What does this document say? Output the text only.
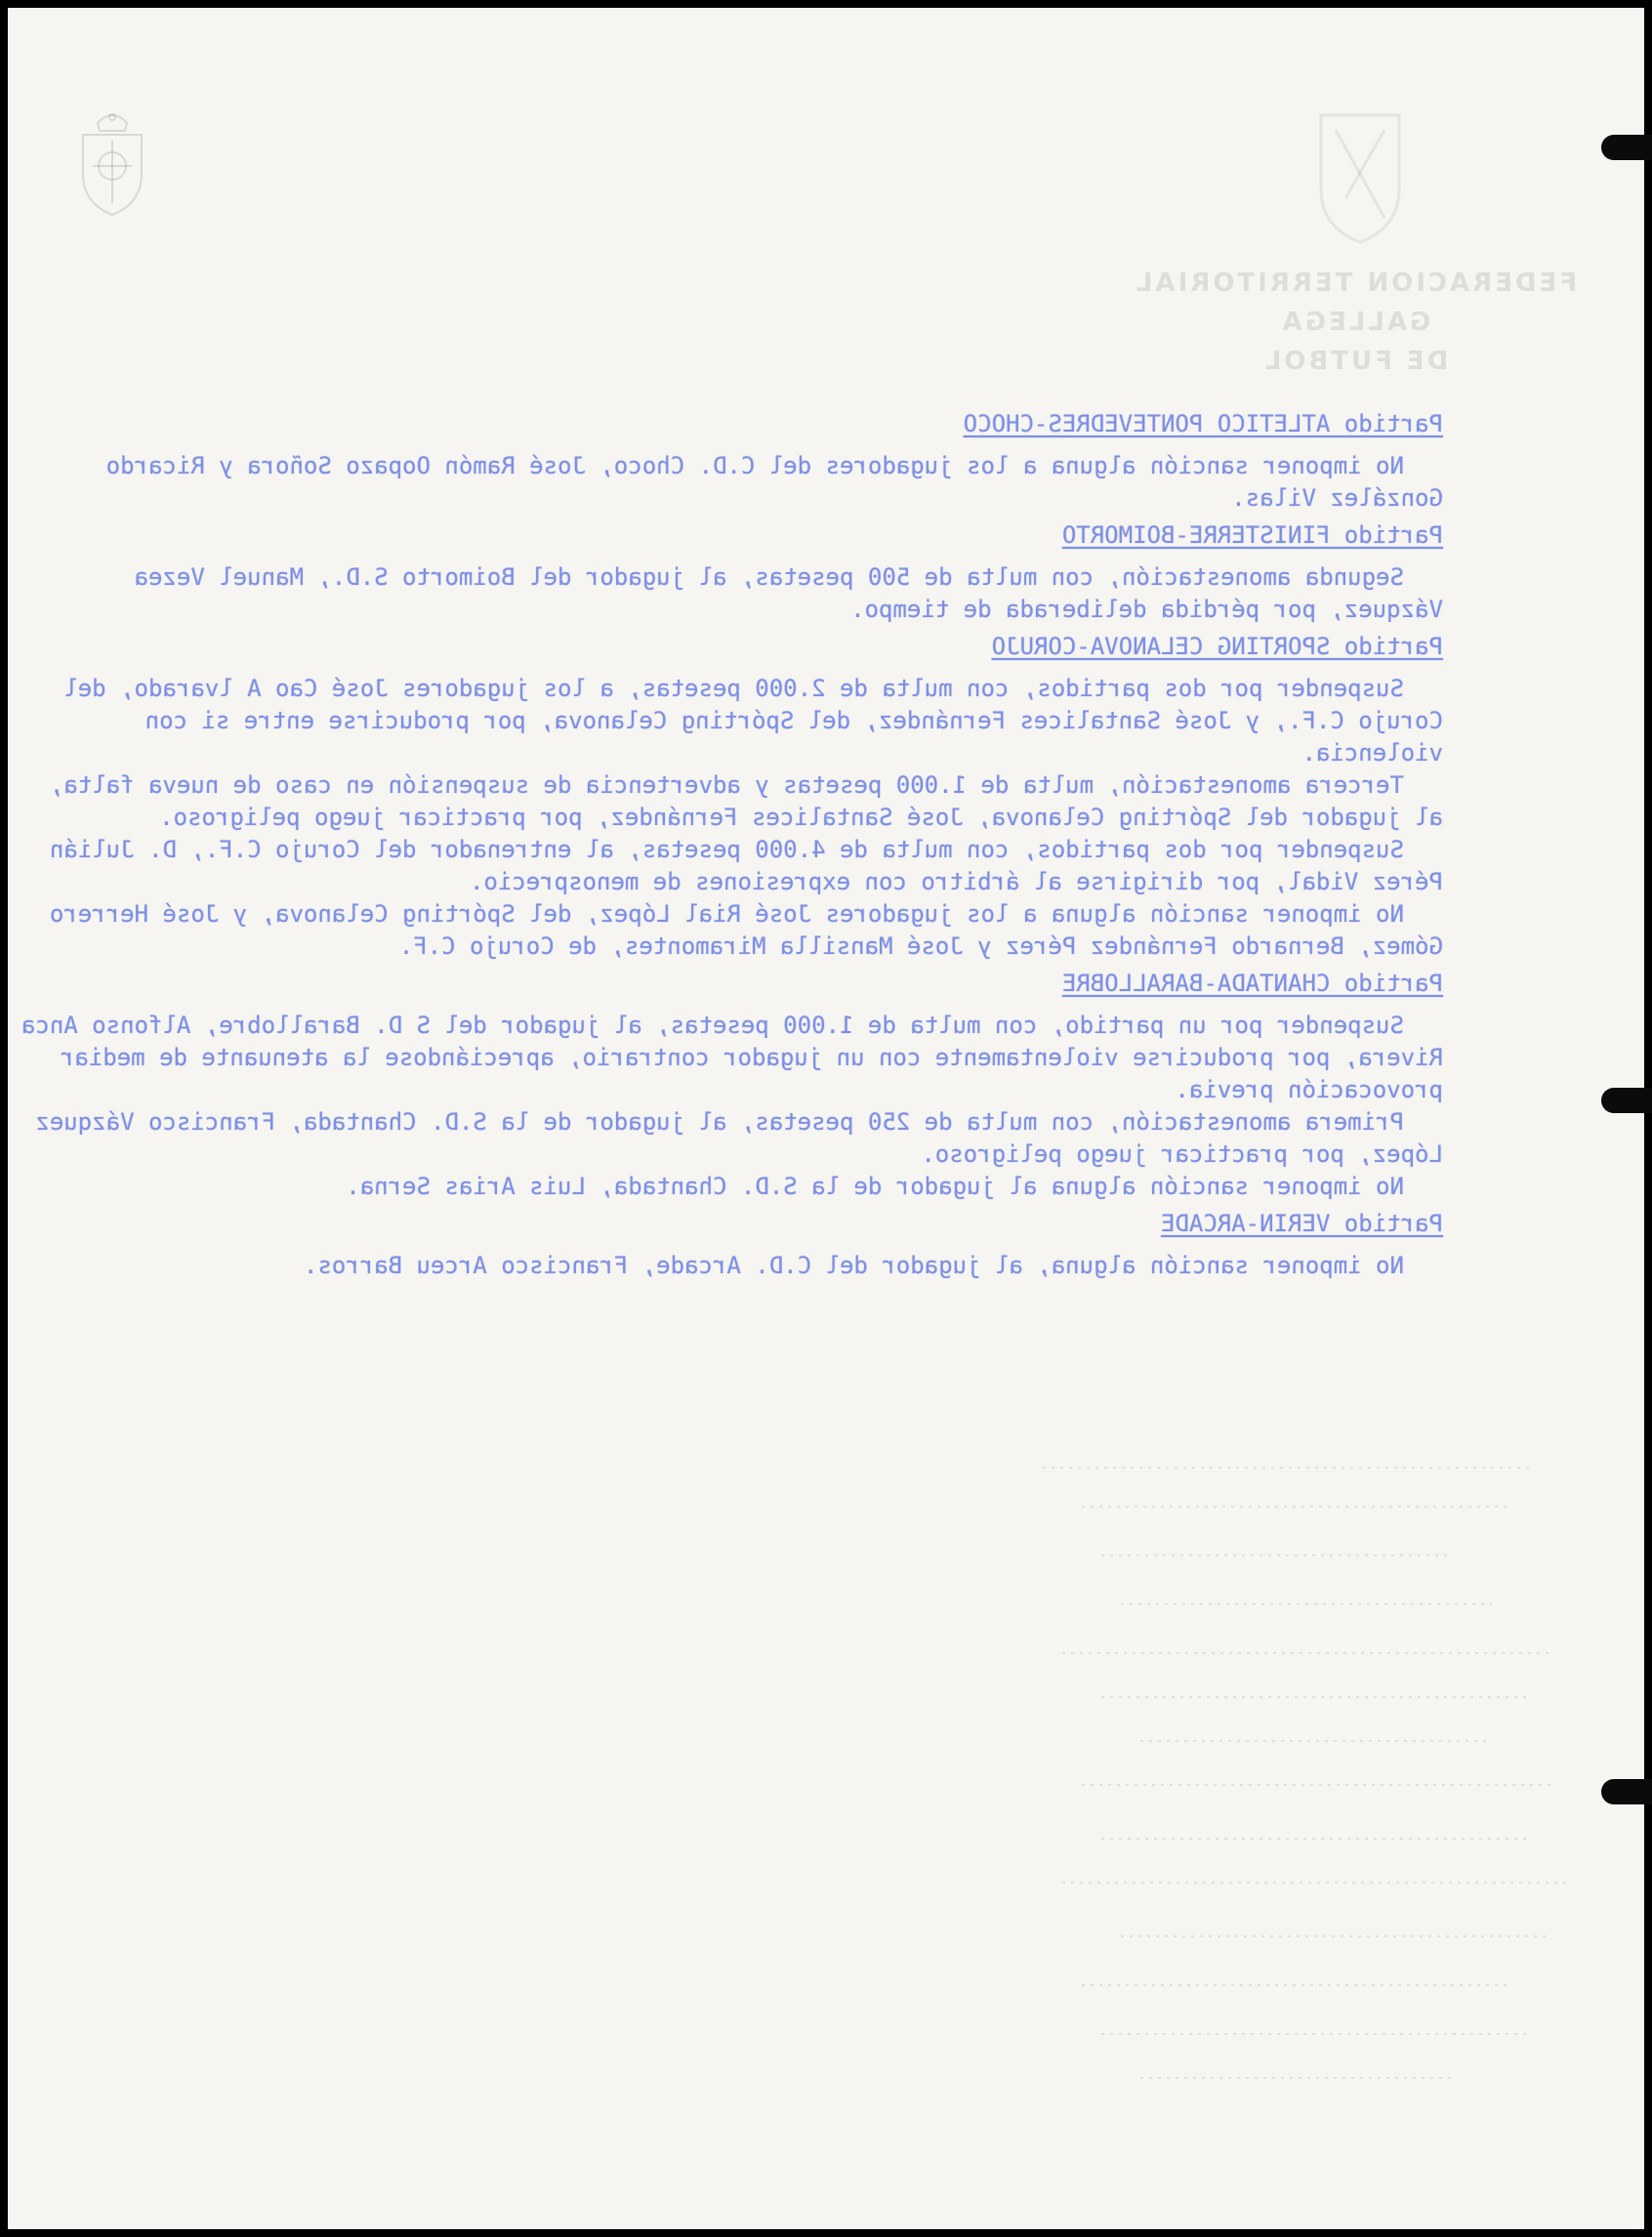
FEDERACION TERRITORIAL GALLEGA
DE FUTBOL
Partido ATLETICO PONTEVEDRES-CHOCO

No imponer sanción alguna a los jugadores del C.D. Choco, José Ramón Oopazo Soñora y Ricardo González Vilas.

Partido FINISTERRE-BOIMORTO

Segunda amonestación, con multa de 500 pesetas, al jugador del Boimorto S.D., Manuel Vezea Vázquez, por pérdida deliberada de tiempo.

Partido SPORTING CELANOVA-CORUJO

Suspender por dos partidos, con multa de 2.000 pesetas, a los jugadores José Cao A lvarado, del Corujo C.F., y José Santalices Fernández, del Spórting Celanova, por producirse entre si con violencia.

Tercera amonestación, multa de 1.000 pesetas y advertencia de suspensión en caso de nueva falta, al jugador del Spórting Celanova, José Santalices Fernández, por practicar juego peligroso.

Suspender por dos partidos, con multa de 4.000 pesetas, al entrenador del Corujo C.F., D. Julián Pérez Vidal, por dirigirse al árbitro con expresiones de menosprecio.

No imponer sanción alguna a los jugadores José Rial López, del Spórting Celanova, y José Herrero Gómez, Bernardo Fernández Pérez y José Mansilla Miramontes, de Corujo C.F.

Partido CHANTADA-BARALLOBRE

Suspender por un partido, con multa de 1.000 pesetas, al jugador del S D. Barallobre, Alfonso Anca Rivera, por producirse violentamente con un jugador contrario, apreciándose la atenuante de mediar provocación previa.

Primera amonestación, con multa de 250 pesetas, al jugador de la S.D. Chantada, Francisco Vázquez López, por practicar juego peligroso.

No imponer sanción alguna al jugador de la S.D. Chantada, Luis Arias Serna.

Partido VERIN-ARCADE

No imponer sanción alguna, al jugador del C.D. Arcade, Francisco Arceu Barros.
